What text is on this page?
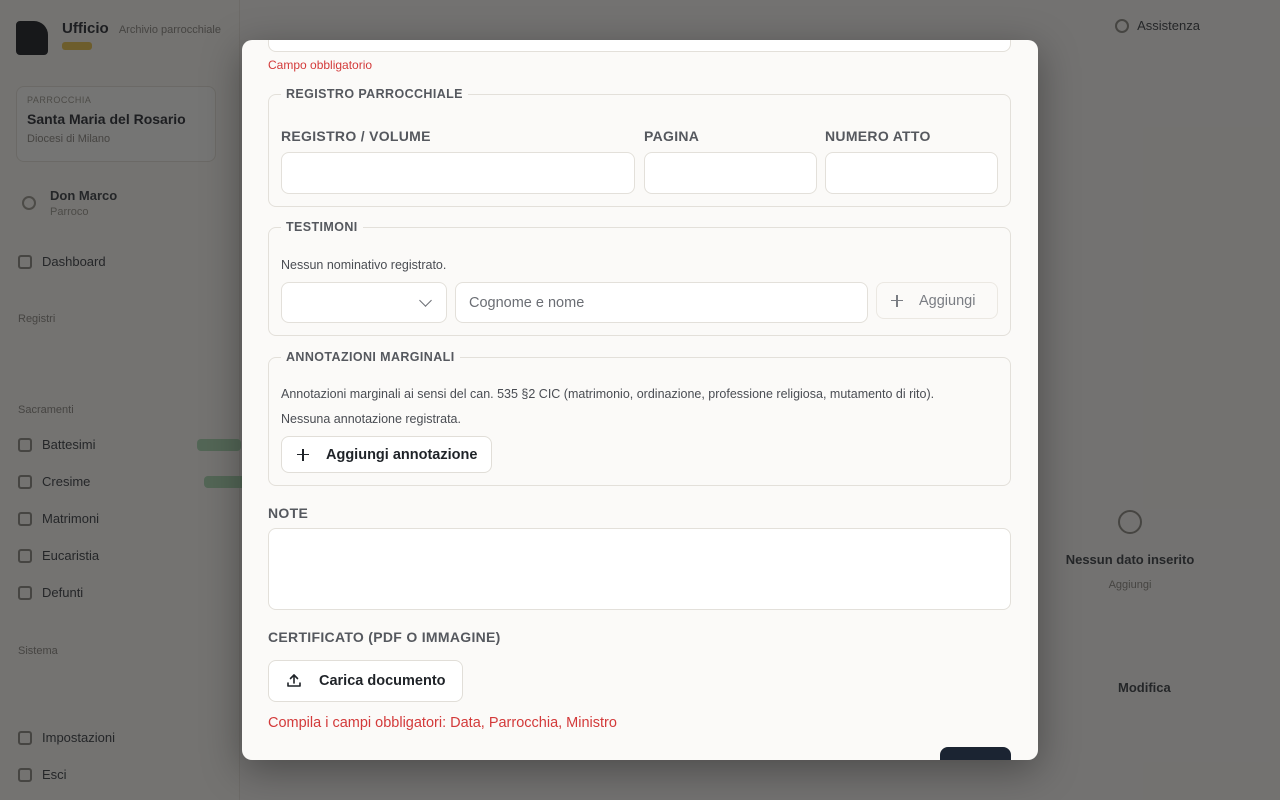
Campo obbligatorio
REGISTRO PARROCCHIALE
REGISTRO / VOLUME	PAGINA	NUMERO ATTO
TESTIMONI
Nessun nominativo registrato.
Cognome e nome
Aggiungi
ANNOTAZIONI MARGINALI
Annotazioni marginali ai sensi del can. 535 §2 CIC (matrimonio, ordinazione, professione religiosa, mutamento di rito).
Nessuna annotazione registrata.
Aggiungi annotazione
NOTE
CERTIFICATO (PDF O IMMAGINE)
Carica documento
Compila i campi obbligatori: Data, Parrocchia, Ministro
